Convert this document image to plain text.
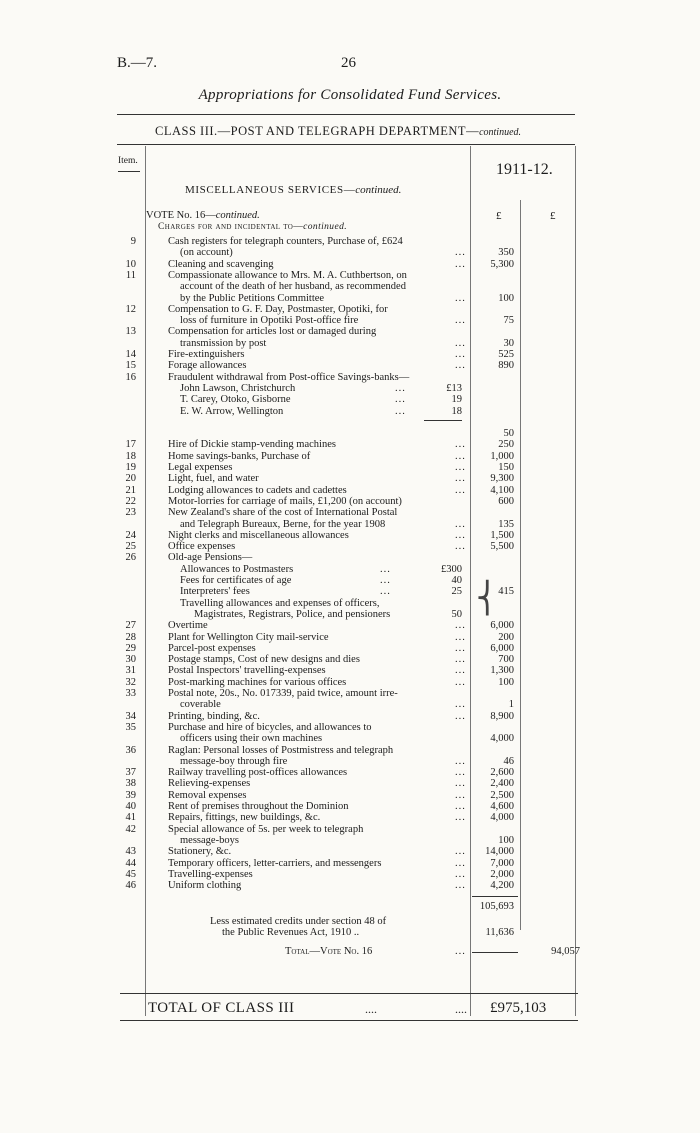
B.—7.	26
Appropriations for Consolidated Fund Services.
CLASS III.—POST AND TELEGRAPH DEPARTMENT—continued.
Item.	1911-12.
MISCELLANEOUS SERVICES—continued.
VOTE No. 16—continued.
Charges for and incidental to—continued.
£	£
9	Cash registers for telegraph counters, Purchase of, £624
(on account)	...	350
10	Cleaning and scavenging	...	5,300
11	Compassionate allowance to Mrs. M. A. Cuthbertson, on
account of the death of her husband, as recommended
by the Public Petitions Committee	...	100
12	Compensation to G. F. Day, Postmaster, Opotiki, for
loss of furniture in Opotiki Post-office fire	...	75
13	Compensation for articles lost or damaged during
transmission by post	...	30
14	Fire-extinguishers	...	525
15	Forage allowances	...	890
16	Fraudulent withdrawal from Post-office Savings-banks—
John Lawson, Christchurch	...	£13
T. Carey, Otoko, Gisborne	...	19
E. W. Arrow, Wellington	...	18
50
17	Hire of Dickie stamp-vending machines	...	250
18	Home savings-banks, Purchase of	...	1,000
19	Legal expenses	...	150
20	Light, fuel, and water	...	9,300
21	Lodging allowances to cadets and cadettes	...	4,100
22	Motor-lorries for carriage of mails, £1,200 (on account)	600
23	New Zealand's share of the cost of International Postal
and Telegraph Bureaux, Berne, for the year 1908	...	135
24	Night clerks and miscellaneous allowances	...	1,500
25	Office expenses	...	5,500
26	Old-age Pensions—
Allowances to Postmasters	...	£300
Fees for certificates of age	...	40
Interpreters' fees	...	25
Travelling allowances and expenses of officers,
Magistrates, Registrars, Police, and pensioners	50 ⎨ 415
27	Overtime	...	6,000
28	Plant for Wellington City mail-service	...	200
29	Parcel-post expenses	...	6,000
30	Postage stamps, Cost of new designs and dies	...	700
31	Postal Inspectors' travelling-expenses	...	1,300
32	Post-marking machines for various offices	...	100
33	Postal note, 20s., No. 017339, paid twice, amount irre-
coverable	...	1
34	Printing, binding, &c.	...	8,900
35	Purchase and hire of bicycles, and allowances to
officers using their own machines	4,000
36	Raglan: Personal losses of Postmistress and telegraph
message-boy through fire	...	46
37	Railway travelling post-offices allowances	...	2,600
38	Relieving-expenses	...	2,400
39	Removal expenses	...	2,500
40	Rent of premises throughout the Dominion	...	4,600
41	Repairs, fittings, new buildings, &c.	...	4,000
42	Special allowance of 5s. per week to telegraph
message-boys	100
43	Stationery, &c.	...	14,000
44	Temporary officers, letter-carriers, and messengers	...	7,000
45	Travelling-expenses	...	2,000
46	Uniform clothing	...	4,200
105,693
Less estimated credits under section 48 of
the Public Revenues Act, 1910 ..	11,636
Total—Vote No. 16	...	94,057
TOTAL OF CLASS III	....	.... £975,103
